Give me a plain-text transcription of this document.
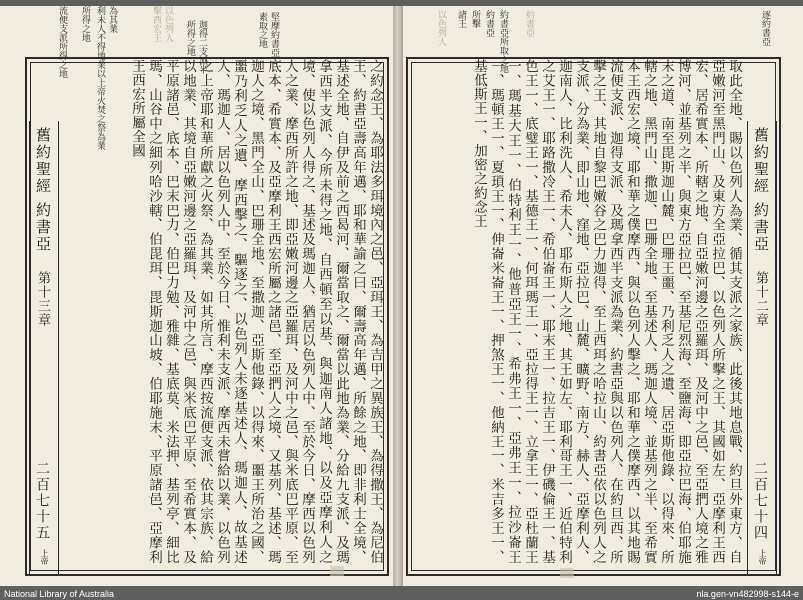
利未人不得地業以上帝火焚之祭為業 為其業
所得之地
流便支派所得之地	迦得二支派半
所得之地
以色列人
擊西宏王	堅摩約書亞
素取之地
舊約聖經 約書亞
第十三章
二百七十五
上帝	之約念王、為耶法多珥境內之邑、亞珥王、為吉甲之異族王、為得撒王、為尼伯王、約書亞壽高年邁、耶和華諭之曰、爾壽高年邁、所餘之地、即非利士全境、基述全地、自伊及前之西曷河、爾當取之、爾當以此地為業、分給九支派、及瑪拿西半支派、今所未得之地、自西頓至以基、與迦南人諸地、以及亞摩利人之境、使以色列人得之、基述及瑪迦人、猶居以色列人中、至於今日、摩西以色列人之業、摩西所許之地、即亞嫩河邊之亞羅珥、及河中之邑、與米底巴平原、至底本、希實本、及亞摩利王西宏所屬之諸邑、至亞捫人之境、又基列、基述、瑪迦人之境、黑門全山、巴珊全地、至撒迦、亞斯他錄、以得來、噩王所治之國、噩乃利乏人之遺、摩西擊之、驅逐之、以色列人未逐基述人、瑪迦人、故基述人、瑪迦人、居以色列人中、至於今日、惟利未支派、摩西未嘗給以業、以色列之上帝耶和華所獻之火祭、為其業、如其所言、摩西按流便支派、依其宗族、給以地業、其境自亞嫩河邊之亞羅珥、及河中之邑、與米底巴平原、至希實本、及平原諸邑、底本、巴末巴力、伯巴力勉、雅雜、基底莫、米法押、基列亭、細比瑪、山谷中之細列哈沙轄、伯毘珥、毘斯迦山坡、伯耶施末、平原諸邑、亞摩利王西宏所屬全國
約書亞所取之地
約書亞
所擊
諸王
以色列人	約書亞	逐約書亞
舊約聖經 約書亞
第十二章
二百七十四
上帝
取此全地、賜以色列人為業、循其支派之家族、此後其地息戰、約旦外東方、自亞嫩河至黑門山、及東方全亞拉巴、以色列人所擊之王、其國如左、亞摩利王西宏、居希實本、所轄之地、自亞嫩河邊之亞羅珥、及河中之邑、至亞捫人境之雅博河、並基列之半、與東方亞拉巴、至基尼烈海、至鹽海、即亞拉巴海、伯耶施末之道、南至毘斯迦山麓、巴珊王噩、乃利乏人之遺、居亞斯他錄、以得來、所轄之地、黑門山、撒迦、巴珊全地、至基述人、瑪迦人境、並基列之半、至希實本王西宏之境、耶和華之僕摩西、與以色列人擊之、耶和華之僕摩西、以其地賜流便支派、迦得支派、及瑪拿西半支派為業、約書亞與以色列人、在約旦西、所擊之王、其地自黎巴嫩谷之巴力迦得、至上西珥之哈拉山、約書亞依以色列人之支派、分為業、即山地、窪地、亞拉巴、山麓、曠野、南方、赫人、亞摩利人、迦南人、比利洗人、希未人、耶布斯人之地、其王如左、耶利哥王一、近伯特利之艾王一、耶路撒冷王一、希伯崙王一、耶末王一、拉吉王一、伊磯倫王一、基色王一、底璧王一、基德王一、何珥瑪王一、亞拉得王一、立拿王一、亞杜蘭王一、瑪基大王一、伯特利王一、他普亞王一、希弗王一、亞弗王一、拉沙崙王一、瑪頓王一、夏瑣王一、伸崙米崙王一、押煞王一、他納王一、米吉多王一、基低斯王一、加密之約念王
National Library of Australia	nla.gen-vn482998-s144-e
